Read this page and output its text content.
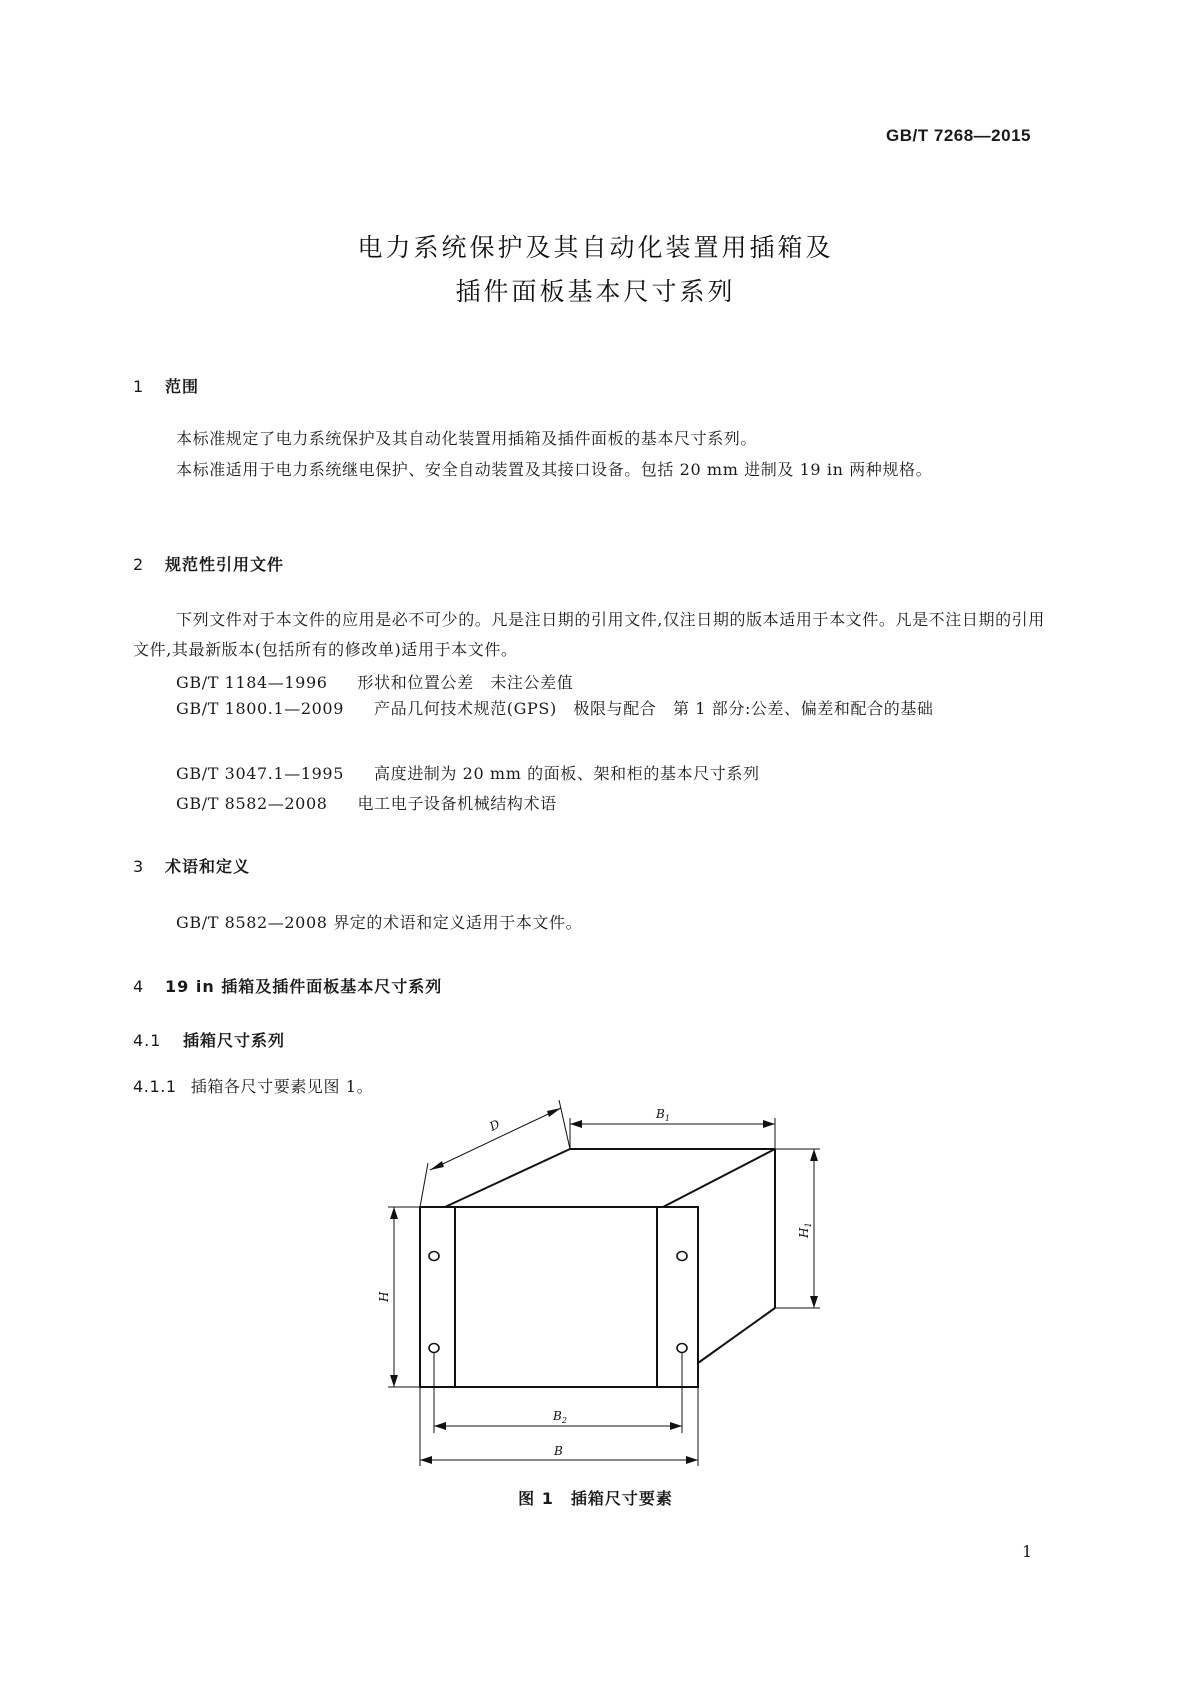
GB/T 7268—2015
电力系统保护及其自动化装置用插箱及
插件面板基本尺寸系列
1 范围
本标准规定了电力系统保护及其自动化装置用插箱及插件面板的基本尺寸系列。
本标准适用于电力系统继电保护、安全自动装置及其接口设备。包括 20 mm 进制及 19 in 两种规格。
2 规范性引用文件
下列文件对于本文件的应用是必不可少的。凡是注日期的引用文件,仅注日期的版本适用于本文件。凡是不注日期的引用文件,其最新版本(包括所有的修改单)适用于本文件。
GB/T 1184—1996 形状和位置公差　未注公差值
GB/T 1800.1—2009 产品几何技术规范(GPS)　极限与配合　第 1 部分:公差、偏差和配合的基础
GB/T 3047.1—1995 高度进制为 20 mm 的面板、架和柜的基本尺寸系列
GB/T 8582—2008 电工电子设备机械结构术语
3 术语和定义
GB/T 8582—2008 界定的术语和定义适用于本文件。
4 19 in 插箱及插件面板基本尺寸系列
4.1 插箱尺寸系列
4.1.1 插箱各尺寸要素见图 1。
D
$B_1$
H
$H_1$
$B_2$
B
图 1　插箱尺寸要素
1
